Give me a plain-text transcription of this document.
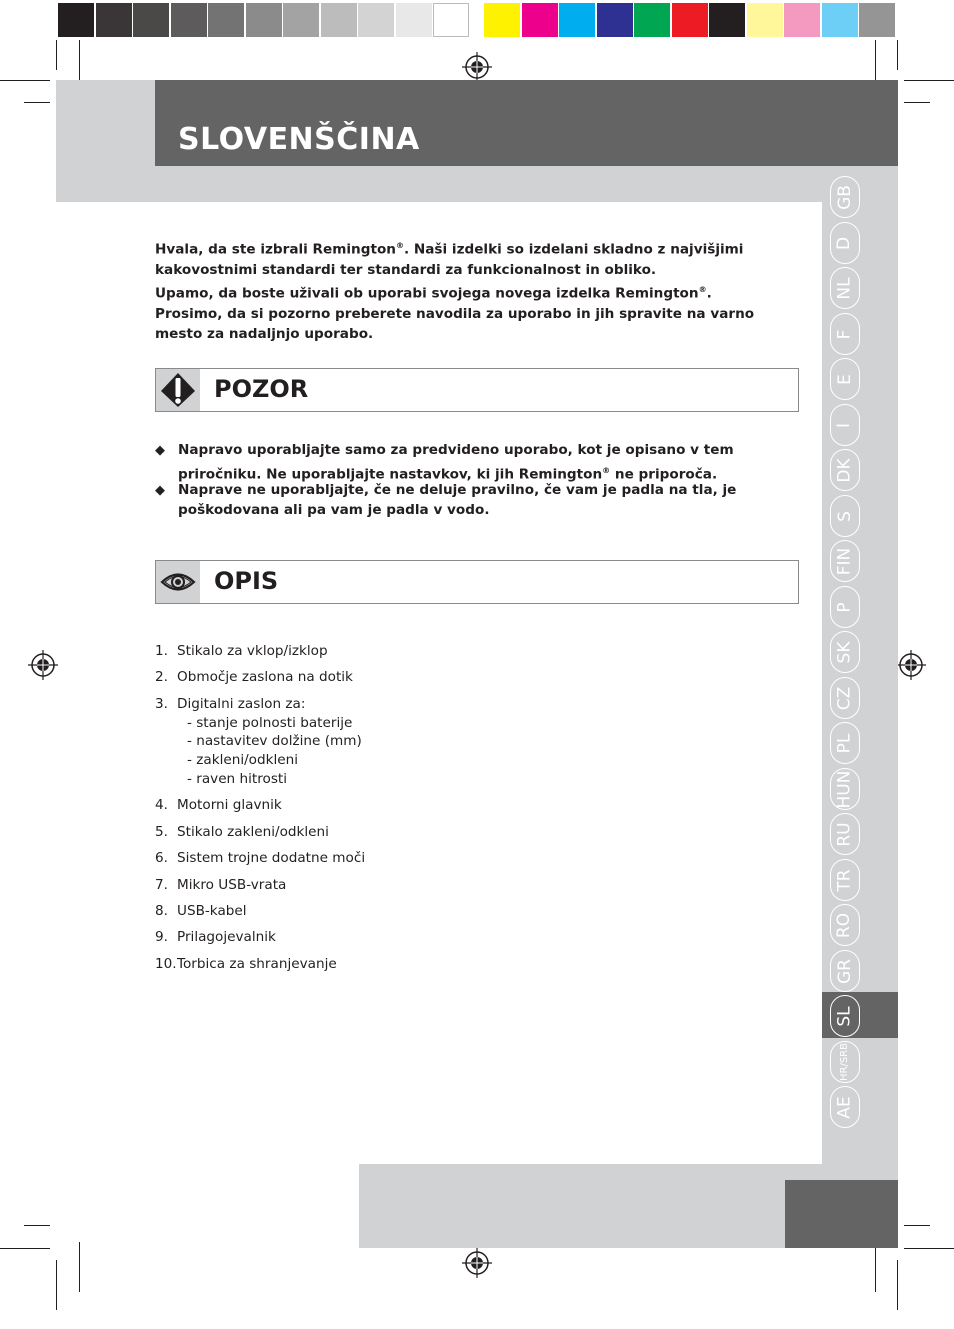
SLOVENŠČINA
GB
D
NL
F
E
I
DK
S
FIN
P
SK
CZ
PL
HUN
RU
TR
RO
GR
SL
HR/SRB
AE

Hvala, da ste izbrali Remington®. Naši izdelki so izdelani skladno z najvišjimi kakovostnimi standardi ter standardi za funkcionalnost in obliko.

Upamo, da boste uživali ob uporabi svojega novega izdelka Remington®.

Prosimo, da si pozorno preberete navodila za uporabo in jih spravite na varno mesto za nadaljnjo uporabo.

POZOR
◆ Napravo uporabljajte samo za predvideno uporabo, kot je opisano v tem priročniku. Ne uporabljajte nastavkov, ki jih Remington® ne priporoča.
◆ Naprave ne uporabljajte, če ne deluje pravilno, če vam je padla na tla, je poškodovana ali pa vam je padla v vodo.
OPIS
1. Stikalo za vklop/izklop
2. Območje zaslona na dotik
3. Digitalni zaslon za:
- stanje polnosti baterije
- nastavitev dolžine (mm)
- zakleni/odkleni
- raven hitrosti
4. Motorni glavnik
5. Stikalo zakleni/odkleni
6. Sistem trojne dodatne moči
7. Mikro USB-vrata
8. USB-kabel
9. Prilagojevalnik
10. Torbica za shranjevanje
